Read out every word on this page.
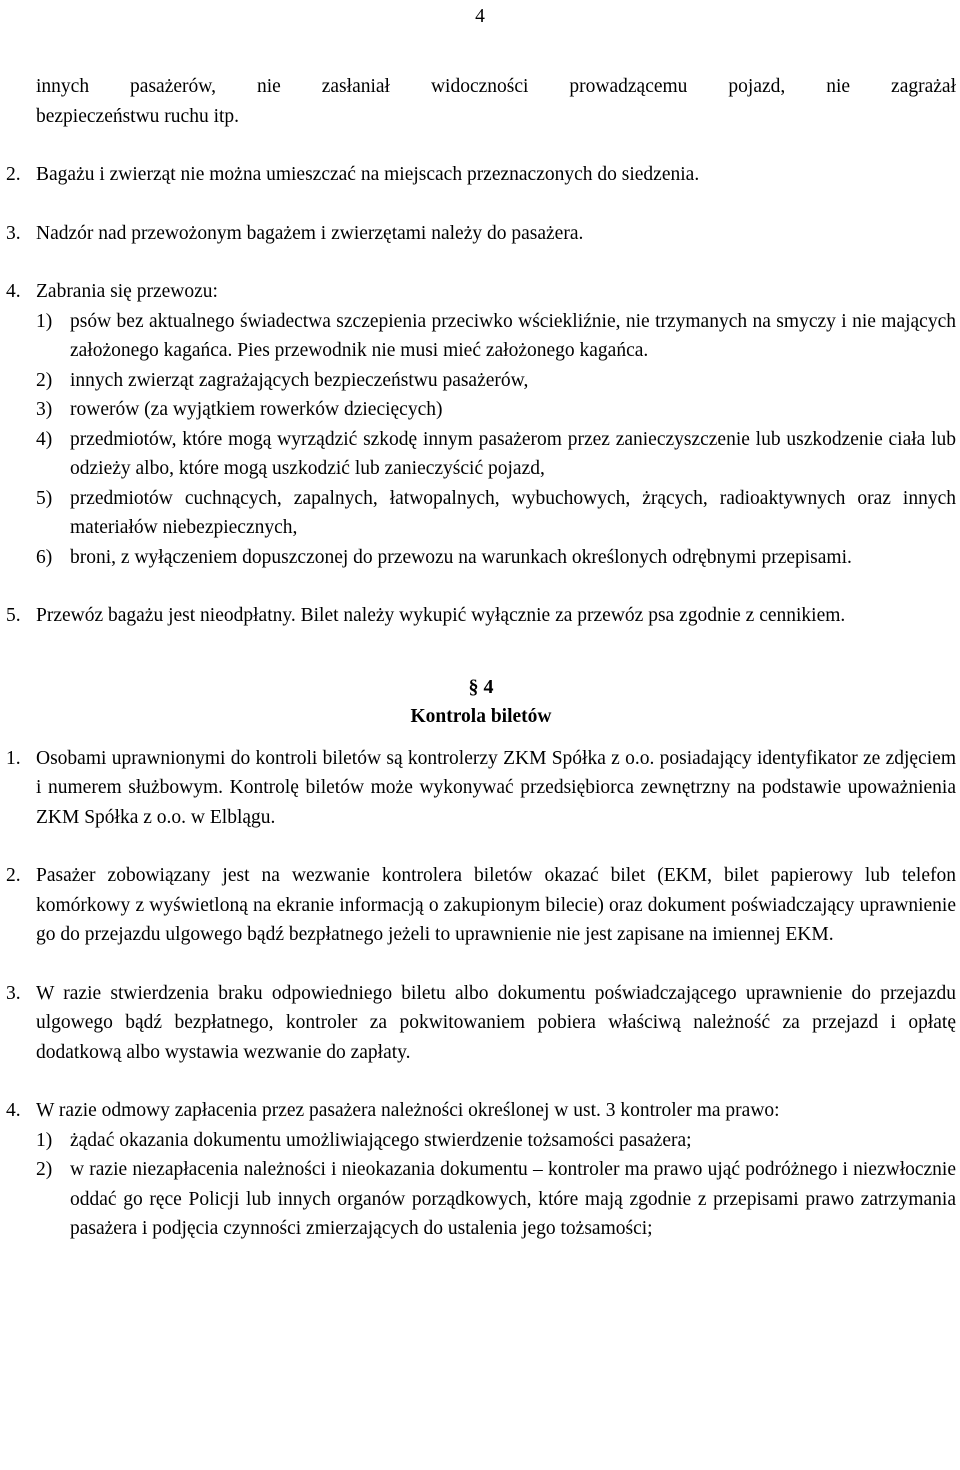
4
innych pasażerów, nie zasłaniał widoczności prowadzącemu pojazd, nie zagrażał
bezpieczeństwu ruchu itp.
2. Bagażu i zwierząt nie można umieszczać na miejscach przeznaczonych do siedzenia.
3. Nadzór nad przewożonym bagażem i zwierzętami należy do pasażera.
4. Zabrania się przewozu:
1) psów bez aktualnego świadectwa szczepienia przeciwko wściekliźnie, nie trzymanych na smyczy i nie mających założonego kagańca. Pies przewodnik nie musi mieć założonego kagańca.
2) innych zwierząt zagrażających bezpieczeństwu pasażerów,
3) rowerów (za wyjątkiem rowerków dziecięcych)
4) przedmiotów, które mogą wyrządzić szkodę innym pasażerom przez zanieczyszczenie lub uszkodzenie ciała lub odzieży albo, które mogą uszkodzić lub zanieczyścić pojazd,
5) przedmiotów cuchnących, zapalnych, łatwopalnych, wybuchowych, żrących, radioaktywnych oraz innych materiałów niebezpiecznych,
6) broni, z wyłączeniem dopuszczonej do przewozu na warunkach określonych odrębnymi przepisami.
5. Przewóz bagażu jest nieodpłatny. Bilet należy wykupić wyłącznie za przewóz psa zgodnie z cennikiem.
§ 4
Kontrola biletów
1. Osobami uprawnionymi do kontroli biletów są kontrolerzy ZKM Spółka z o.o. posiadający identyfikator ze zdjęciem i numerem służbowym. Kontrolę biletów może wykonywać przedsiębiorca zewnętrzny na podstawie upoważnienia ZKM Spółka z o.o. w Elblągu.
2. Pasażer zobowiązany jest na wezwanie kontrolera biletów okazać bilet (EKM, bilet papierowy lub telefon komórkowy z wyświetloną na ekranie informacją o zakupionym bilecie) oraz dokument poświadczający uprawnienie go do przejazdu ulgowego bądź bezpłatnego jeżeli to uprawnienie nie jest zapisane na imiennej EKM.
3. W razie stwierdzenia braku odpowiedniego biletu albo dokumentu poświadczającego uprawnienie do przejazdu ulgowego bądź bezpłatnego, kontroler za pokwitowaniem pobiera właściwą należność za przejazd i opłatę dodatkową albo wystawia wezwanie do zapłaty.
4. W razie odmowy zapłacenia przez pasażera należności określonej w ust. 3 kontroler ma prawo:
1) żądać okazania dokumentu umożliwiającego stwierdzenie tożsamości pasażera;
2) w razie niezapłacenia należności i nieokazania dokumentu – kontroler ma prawo ująć podróżnego i niezwłocznie oddać go ręce Policji lub innych organów porządkowych, które mają zgodnie z przepisami prawo zatrzymania pasażera i podjęcia czynności zmierzających do ustalenia jego tożsamości;
